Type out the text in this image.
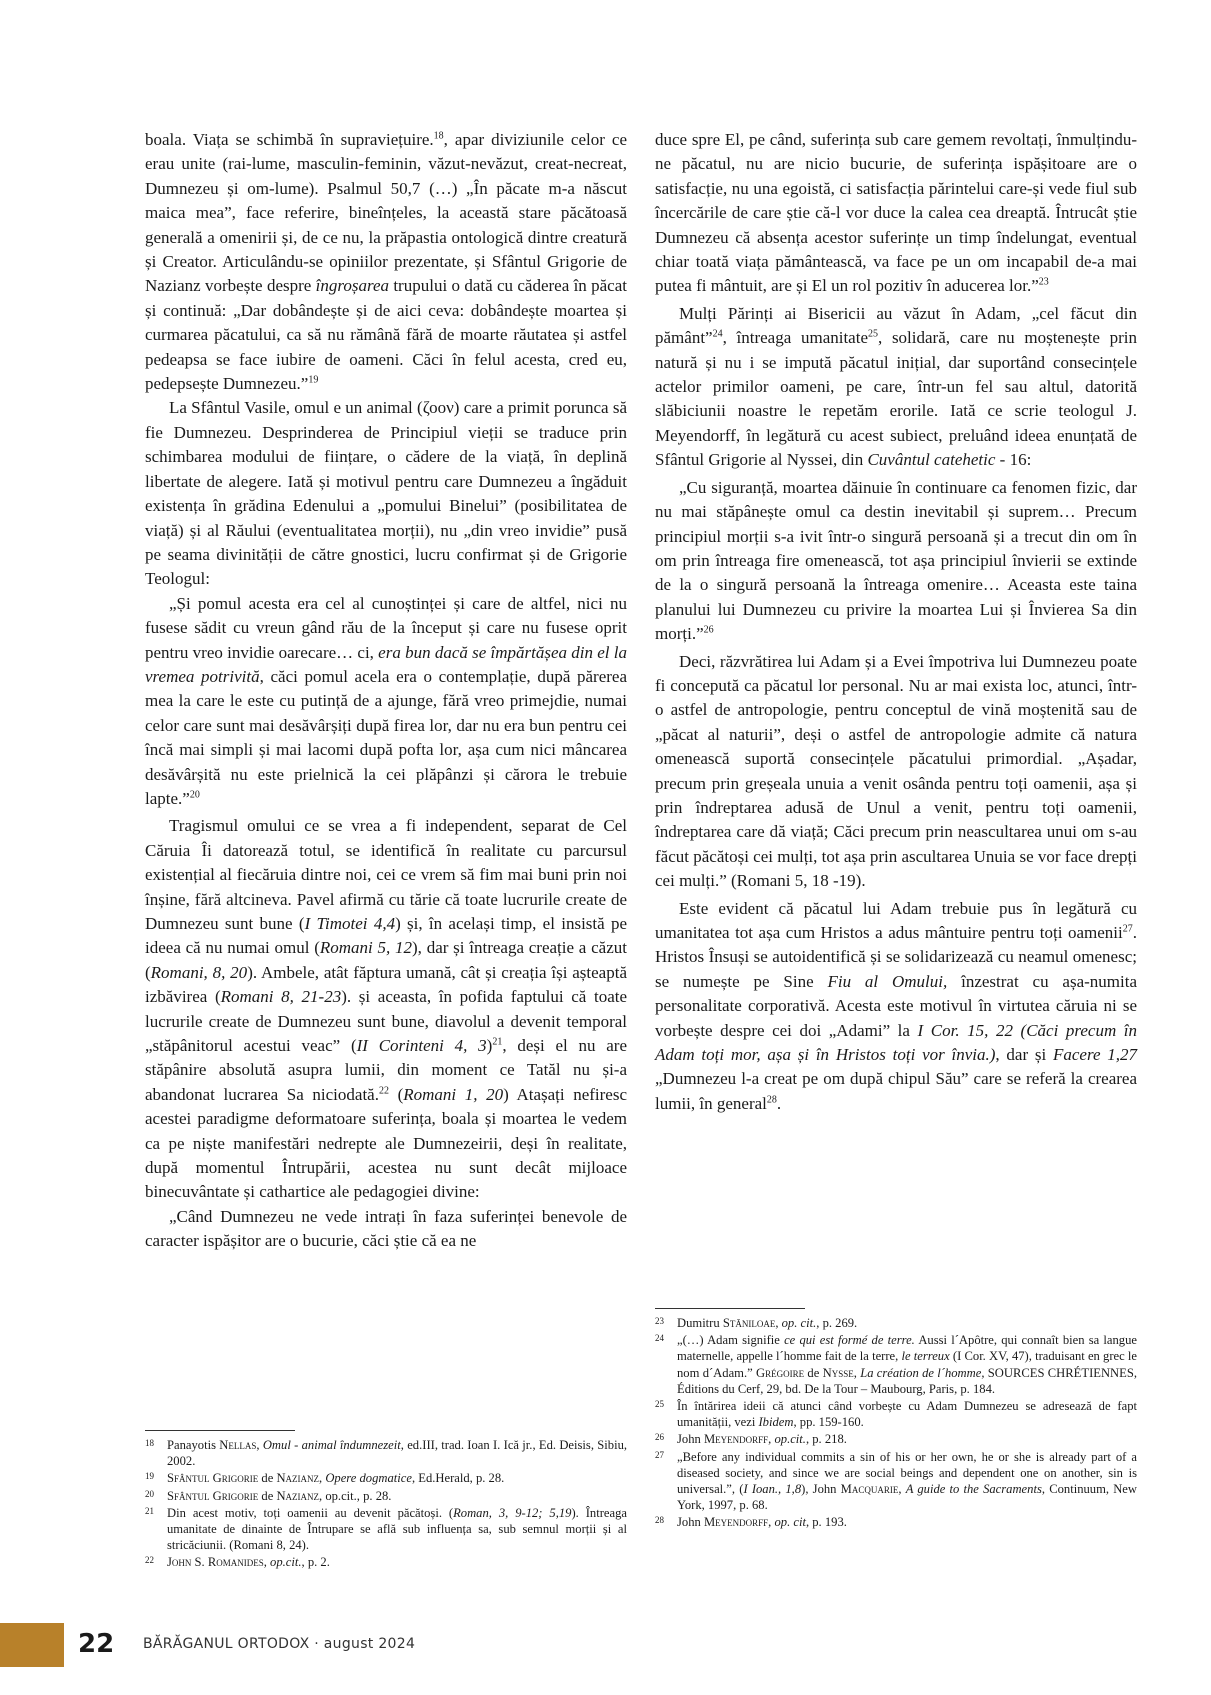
boala. Viața se schimbă în supraviețuire.$^{18}$, apar diviziunile celor ce erau unite (rai-lume, masculin-feminin, văzut-nevăzut, creat-necreat, Dumnezeu și om-lume). Psalmul 50,7 (…) „În păcate m-a născut maica mea”, face referire, bineînțeles, la această stare păcătoasă generală a omenirii și, de ce nu, la prăpastia ontologică dintre creatură și Creator. Articulându-se opiniilor prezentate, și Sfântul Grigorie de Nazianz vorbește despre îngroșarea trupului o dată cu căderea în păcat și continuă: „Dar dobândește și de aici ceva: dobândește moartea și curmarea păcatului, ca să nu rămână fără de moarte răutatea și astfel pedeapsa se face iubire de oameni. Căci în felul acesta, cred eu, pedepsește Dumnezeu.”$^{19}$

La Sfântul Vasile, omul e un animal (ζοον) care a primit porunca să fie Dumnezeu. Desprinderea de Principiul vieții se traduce prin schimbarea modului de ființare, o cădere de la viață, în deplină libertate de alegere. Iată și motivul pentru care Dumnezeu a îngăduit existența în grădina Edenului a „pomului Binelui” (posibilitatea de viață) și al Răului (eventualitatea morții), nu „din vreo invidie” pusă pe seama divinității de către gnostici, lucru confirmat și de Grigorie Teologul:

„Și pomul acesta era cel al cunoștinței și care de altfel, nici nu fusese sădit cu vreun gând rău de la început și care nu fusese oprit pentru vreo invidie oarecare… ci, era bun dacă se împărtășea din el la vremea potrivită, căci pomul acela era o contemplație, după părerea mea la care le este cu putință de a ajunge, fără vreo primejdie, numai celor care sunt mai desăvârșiți după firea lor, dar nu era bun pentru cei încă mai simpli și mai lacomi după pofta lor, așa cum nici mâncarea desăvârșită nu este prielnică la cei plăpânzi și cărora le trebuie lapte.”$^{20}$

Tragismul omului ce se vrea a fi independent, separat de Cel Căruia Îi datorează totul, se identifică în realitate cu parcursul existențial al fiecăruia dintre noi, cei ce vrem să fim mai buni prin noi înșine, fără altcineva. Pavel afirmă cu tărie că toate lucrurile create de Dumnezeu sunt bune (I Timotei 4,4) și, în același timp, el insistă pe ideea că nu numai omul (Romani 5, 12), dar și întreaga creație a căzut (Romani, 8, 20). Ambele, atât făptura umană, cât și creația își așteaptă izbăvirea (Romani 8, 21-23). și aceasta, în pofida faptului că toate lucrurile create de Dumnezeu sunt bune, diavolul a devenit temporal „stăpânitorul acestui veac” (II Corinteni 4, 3)$^{21}$, deși el nu are stăpânire absolută asupra lumii, din moment ce Tatăl nu și-a abandonat lucrarea Sa niciodată.$^{22}$ (Romani 1, 20) Atașați nefiresc acestei paradigme deformatoare suferința, boala și moartea le vedem ca pe niște manifestări nedrepte ale Dumnezeirii, deși în realitate, după momentul Întrupării, acestea nu sunt decât mijloace binecuvântate și cathartice ale pedagogiei divine:

„Când Dumnezeu ne vede intrați în faza suferinței benevole de caracter ispășitor are o bucurie, căci știe că ea ne

duce spre El, pe când, suferința sub care gemem revoltați, înmulțindu-ne păcatul, nu are nicio bucurie, de suferința ispășitoare are o satisfacție, nu una egoistă, ci satisfacția părintelui care-și vede fiul sub încercările de care știe că-l vor duce la calea cea dreaptă. Întrucât știe Dumnezeu că absența acestor suferințe un timp îndelungat, eventual chiar toată viața pământească, va face pe un om incapabil de-a mai putea fi mântuit, are și El un rol pozitiv în aducerea lor.”$^{23}$

Mulți Părinți ai Bisericii au văzut în Adam, „cel făcut din pământ”$^{24}$, întreaga umanitate$^{25}$, solidară, care nu moștenește prin natură și nu i se impută păcatul inițial, dar suportând consecințele actelor primilor oameni, pe care, într-un fel sau altul, datorită slăbiciunii noastre le repetăm erorile. Iată ce scrie teologul J. Meyendorff, în legătură cu acest subiect, preluând ideea enunțată de Sfântul Grigorie al Nyssei, din Cuvântul catehetic - 16:

„Cu siguranță, moartea dăinuie în continuare ca fenomen fizic, dar nu mai stăpânește omul ca destin inevitabil și suprem… Precum principiul morții s-a ivit într-o singură persoană și a trecut din om în om prin întreaga fire omenească, tot așa principiul învierii se extinde de la o singură persoană la întreaga omenire… Aceasta este taina planului lui Dumnezeu cu privire la moartea Lui și Învierea Sa din morți.”$^{26}$

Deci, răzvrătirea lui Adam și a Evei împotriva lui Dumnezeu poate fi concepută ca păcatul lor personal. Nu ar mai exista loc, atunci, într-o astfel de antropologie, pentru conceptul de vină moștenită sau de „păcat al naturii”, deși o astfel de antropologie admite că natura omenească suportă consecințele păcatului primordial. „Așadar, precum prin greșeala unuia a venit osânda pentru toți oamenii, așa și prin îndreptarea adusă de Unul a venit, pentru toți oamenii, îndreptarea care dă viață; Căci precum prin neascultarea unui om s-au făcut păcătoși cei mulți, tot așa prin ascultarea Unuia se vor face drepți cei mulți.” (Romani 5, 18 -19).

Este evident că păcatul lui Adam trebuie pus în legătură cu umanitatea tot așa cum Hristos a adus mântuire pentru toți oamenii$^{27}$. Hristos Însuși se autoidentifică și se solidarizează cu neamul omenesc; se numește pe Sine Fiu al Omului, înzestrat cu așa-numita personalitate corporativă. Acesta este motivul în virtutea căruia ni se vorbește despre cei doi „Adami” la I Cor. 15, 22 (Căci precum în Adam toți mor, așa și în Hristos toți vor învia.), dar și Facere 1,27 „Dumnezeu l-a creat pe om după chipul Său” care se referă la crearea lumii, în general$^{28}$.

18	Panayotis Nellas, Omul - animal îndumnezeit, ed.III, trad. Ioan I. Ică jr., Ed. Deisis, Sibiu, 2002.
19	Sfântul Grigorie de Nazianz, Opere dogmatice, Ed.Herald, p. 28.
20	Sfântul Grigorie de Nazianz, op.cit., p. 28.
21	Din acest motiv, toți oamenii au devenit păcătoși. (Roman, 3, 9-12; 5,19). Întreaga umanitate de dinainte de Întrupare se află sub influența sa, sub semnul morții și al stricăciunii. (Romani 8, 24).
22	John S. Romanides, op.cit., p. 2.
23	Dumitru Stăniloae, op. cit., p. 269.
24	„(…) Adam signifie ce qui est formé de terre. Aussi l´Apôtre, qui connaît bien sa langue maternelle, appelle l´homme fait de la terre, le terreux (I Cor. XV, 47), traduisant en grec le nom d´Adam.” Grégoire de Nysse, La création de l´homme, SOURCES CHRÉTIENNES, Éditions du Cerf, 29, bd. De la Tour – Maubourg, Paris, p. 184.
25	În întărirea ideii că atunci când vorbește cu Adam Dumnezeu se adresează de fapt umanității, vezi Ibidem, pp. 159-160.
26	John Meyendorff, op.cit., p. 218.
27	„Before any individual commits a sin of his or her own, he or she is already part of a diseased society, and since we are social beings and dependent one on another, sin is universal.”, (I Ioan., 1,8), John Macquarie, A guide to the Sacraments, Continuum, New York, 1997, p. 68.
28	John Meyendorff, op. cit, p. 193.
22 BĂRĂGANUL ORTODOX · august 2024
